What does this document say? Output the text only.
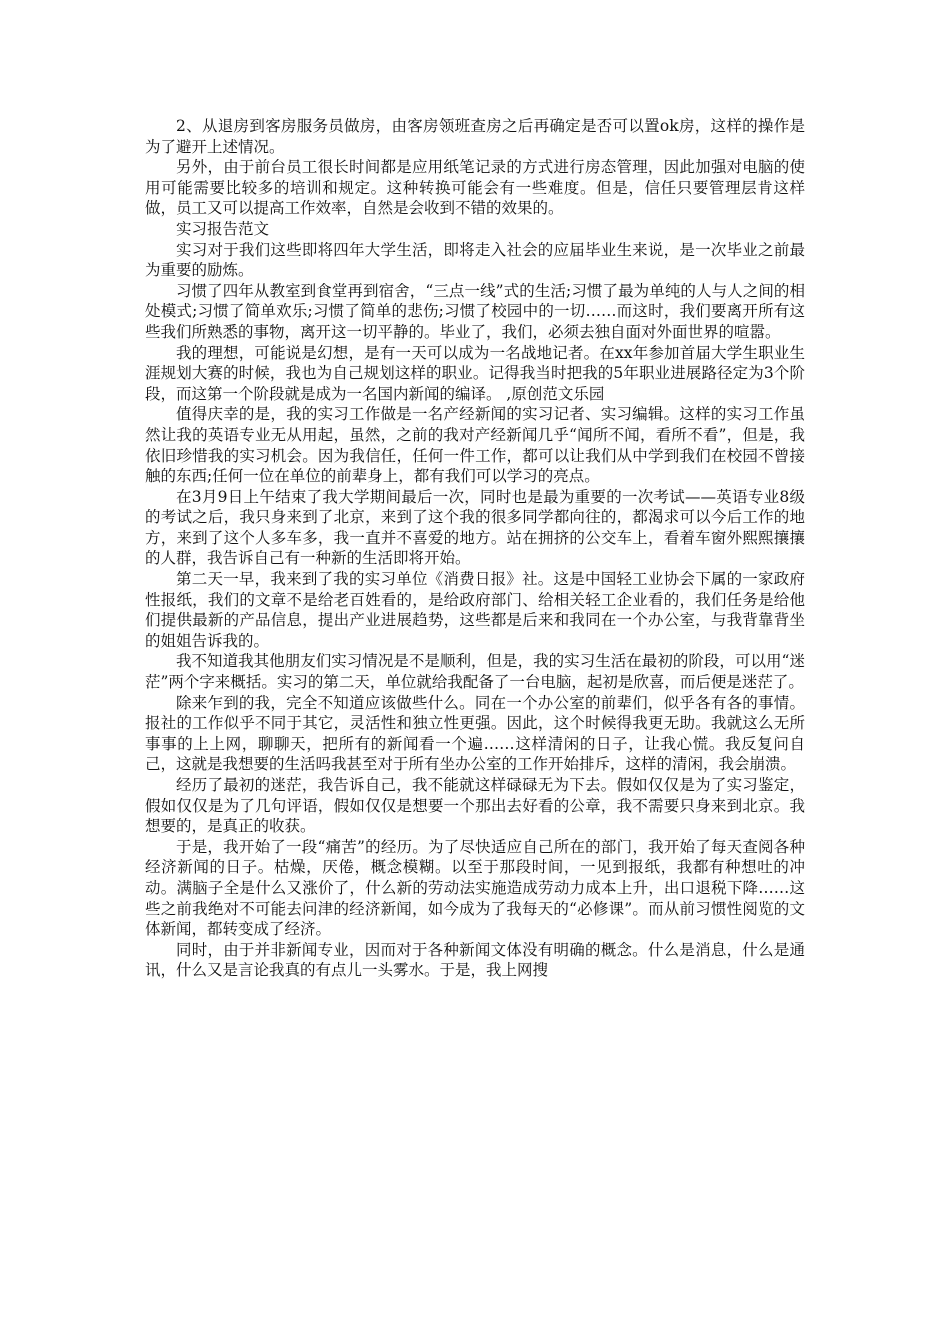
2、从退房到客房服务员做房，由客房领班查房之后再确定是否可以置ok房，这样的操作是为了避开上述情况。

另外，由于前台员工很长时间都是应用纸笔记录的方式进行房态管理，因此加强对电脑的使用可能需要比较多的培训和规定。这种转换可能会有一些难度。但是，信任只要管理层肯这样做，员工又可以提高工作效率，自然是会收到不错的效果的。

实习报告范文

实习对于我们这些即将四年大学生活，即将走入社会的应届毕业生来说，是一次毕业之前最为重要的励炼。

习惯了四年从教室到食堂再到宿舍，“三点一线”式的生活;习惯了最为单纯的人与人之间的相处模式;习惯了简单欢乐;习惯了简单的悲伤;习惯了校园中的一切……而这时，我们要离开所有这些我们所熟悉的事物，离开这一切平静的。毕业了，我们，必须去独自面对外面世界的喧嚣。

我的理想，可能说是幻想，是有一天可以成为一名战地记者。在xx年参加首届大学生职业生涯规划大赛的时候，我也为自己规划这样的职业。记得我当时把我的5年职业进展路径定为3个阶段，而这第一个阶段就是成为一名国内新闻的编译。 ,原创范文乐园

值得庆幸的是，我的实习工作做是一名产经新闻的实习记者、实习编辑。这样的实习工作虽然让我的英语专业无从用起，虽然，之前的我对产经新闻几乎“闻所不闻，看所不看”，但是，我依旧珍惜我的实习机会。因为我信任，任何一件工作，都可以让我们从中学到我们在校园不曾接触的东西;任何一位在单位的前辈身上，都有我们可以学习的亮点。

在3月9日上午结束了我大学期间最后一次，同时也是最为重要的一次考试——英语专业8级的考试之后，我只身来到了北京，来到了这个我的很多同学都向往的，都渴求可以今后工作的地方，来到了这个人多车多，我一直并不喜爱的地方。站在拥挤的公交车上，看着车窗外熙熙攘攘的人群，我告诉自己有一种新的生活即将开始。

第二天一早，我来到了我的实习单位《消费日报》社。这是中国轻工业协会下属的一家政府性报纸，我们的文章不是给老百姓看的，是给政府部门、给相关轻工企业看的，我们任务是给他们提供最新的产品信息，提出产业进展趋势，这些都是后来和我同在一个办公室，与我背靠背坐的姐姐告诉我的。

我不知道我其他朋友们实习情况是不是顺利，但是，我的实习生活在最初的阶段，可以用“迷茫”两个字来概括。实习的第二天，单位就给我配备了一台电脑，起初是欣喜，而后便是迷茫了。

除来乍到的我，完全不知道应该做些什么。同在一个办公室的前辈们，似乎各有各的事情。报社的工作似乎不同于其它，灵活性和独立性更强。因此，这个时候得我更无助。我就这么无所事事的上上网，聊聊天，把所有的新闻看一个遍……这样清闲的日子，让我心慌。我反复问自己，这就是我想要的生活吗我甚至对于所有坐办公室的工作开始排斥，这样的清闲，我会崩溃。

经历了最初的迷茫，我告诉自己，我不能就这样碌碌无为下去。假如仅仅是为了实习鉴定，假如仅仅是为了几句评语，假如仅仅是想要一个那出去好看的公章，我不需要只身来到北京。我想要的，是真正的收获。

于是，我开始了一段“痛苦”的经历。为了尽快适应自己所在的部门，我开始了每天查阅各种经济新闻的日子。枯燥，厌倦，概念模糊。以至于那段时间，一见到报纸，我都有种想吐的冲动。满脑子全是什么又涨价了，什么新的劳动法实施造成劳动力成本上升，出口退税下降……这些之前我绝对不可能去问津的经济新闻，如今成为了我每天的“必修课”。而从前习惯性阅览的文体新闻，都转变成了经济。

同时，由于并非新闻专业，因而对于各种新闻文体没有明确的概念。什么是消息，什么是通讯，什么又是言论我真的有点儿一头雾水。于是，我上网搜
